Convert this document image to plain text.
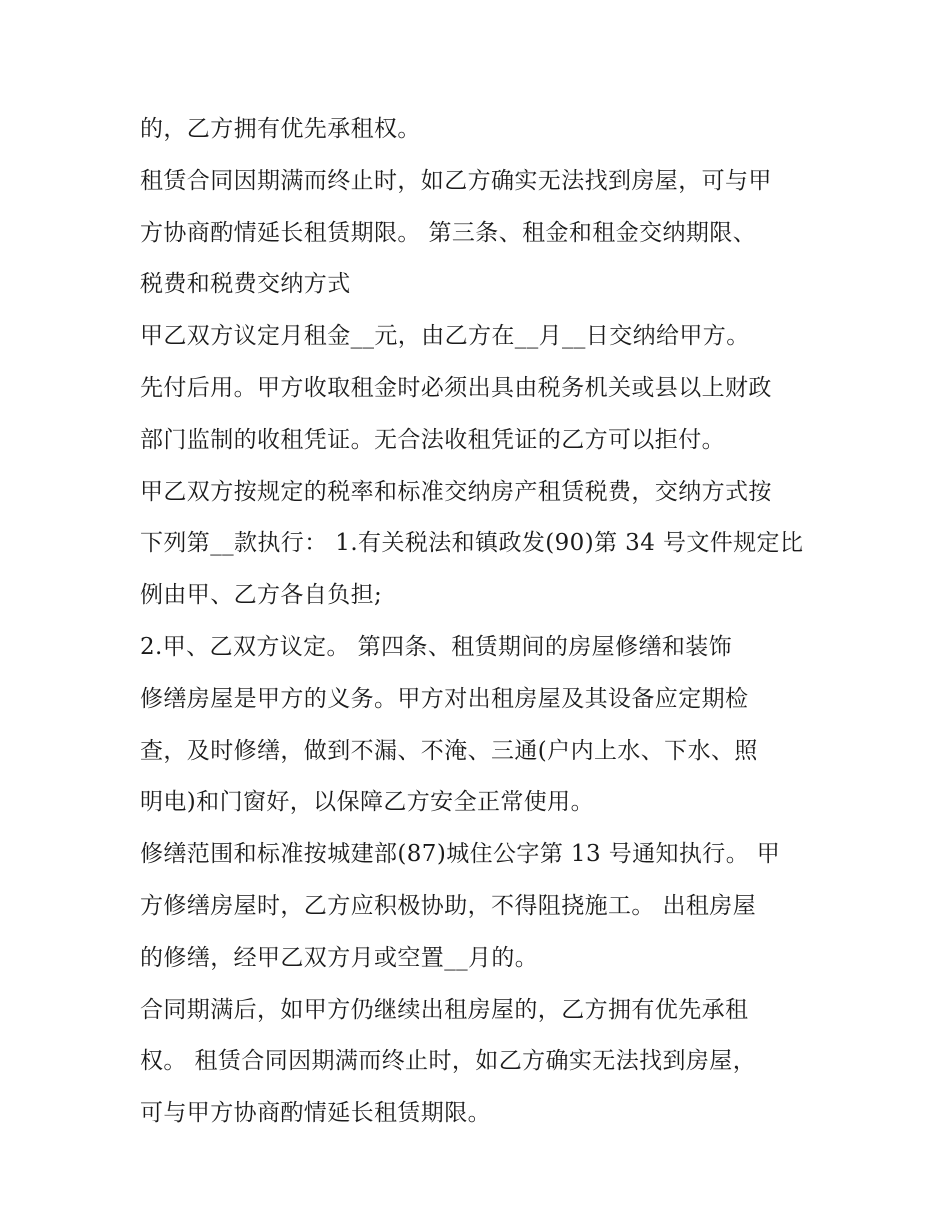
的，乙方拥有优先承租权。
租赁合同因期满而终止时，如乙方确实无法找到房屋，可与甲
方协商酌情延长租赁期限。 第三条、租金和租金交纳期限、
税费和税费交纳方式
甲乙双方议定月租金__元，由乙方在__月__日交纳给甲方。
先付后用。甲方收取租金时必须出具由税务机关或县以上财政
部门监制的收租凭证。无合法收租凭证的乙方可以拒付。
甲乙双方按规定的税率和标准交纳房产租赁税费，交纳方式按
下列第__款执行： 1.有关税法和镇政发(90)第 34 号文件规定比
例由甲、乙方各自负担;
2.甲、乙双方议定。 第四条、租赁期间的房屋修缮和装饰
修缮房屋是甲方的义务。甲方对出租房屋及其设备应定期检
查，及时修缮，做到不漏、不淹、三通(户内上水、下水、照
明电)和门窗好，以保障乙方安全正常使用。
修缮范围和标准按城建部(87)城住公字第 13 号通知执行。 甲
方修缮房屋时，乙方应积极协助，不得阻挠施工。 出租房屋
的修缮，经甲乙双方月或空置__月的。
合同期满后，如甲方仍继续出租房屋的，乙方拥有优先承租
权。 租赁合同因期满而终止时，如乙方确实无法找到房屋，
可与甲方协商酌情延长租赁期限。
